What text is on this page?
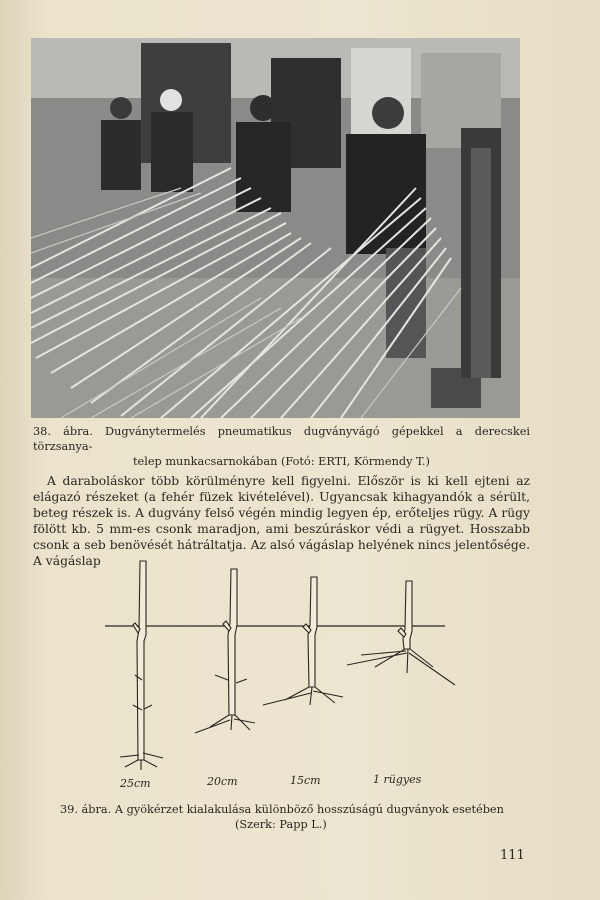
38. ábra. Dugványtermelés pneumatikus dugványvágó gépekkel a derecskei törzsanya-
telep munkacsarnokában (Fotó: ERTI, Körmendy T.)

A daraboláskor több körülményre kell figyelni. Először is ki kell ejteni az elágazó részeket (a fehér füzek kivételével). Ugyancsak kihagyandók a sérült, beteg részek is. A dugvány felső végén mindig legyen ép, erőteljes rügy. A rügy fölött kb. 5 mm-es csonk maradjon, ami beszúráskor védi a rügyet. Hosszabb csonk a seb benövését hátráltatja. Az alsó vágáslap helyének nincs jelentősége. A vágáslap

25cm	20cm	15cm	1 rügyes
39. ábra. A gyökérzet kialakulása különböző hosszúságú dugványok esetében
(Szerk: Papp L.)
111
